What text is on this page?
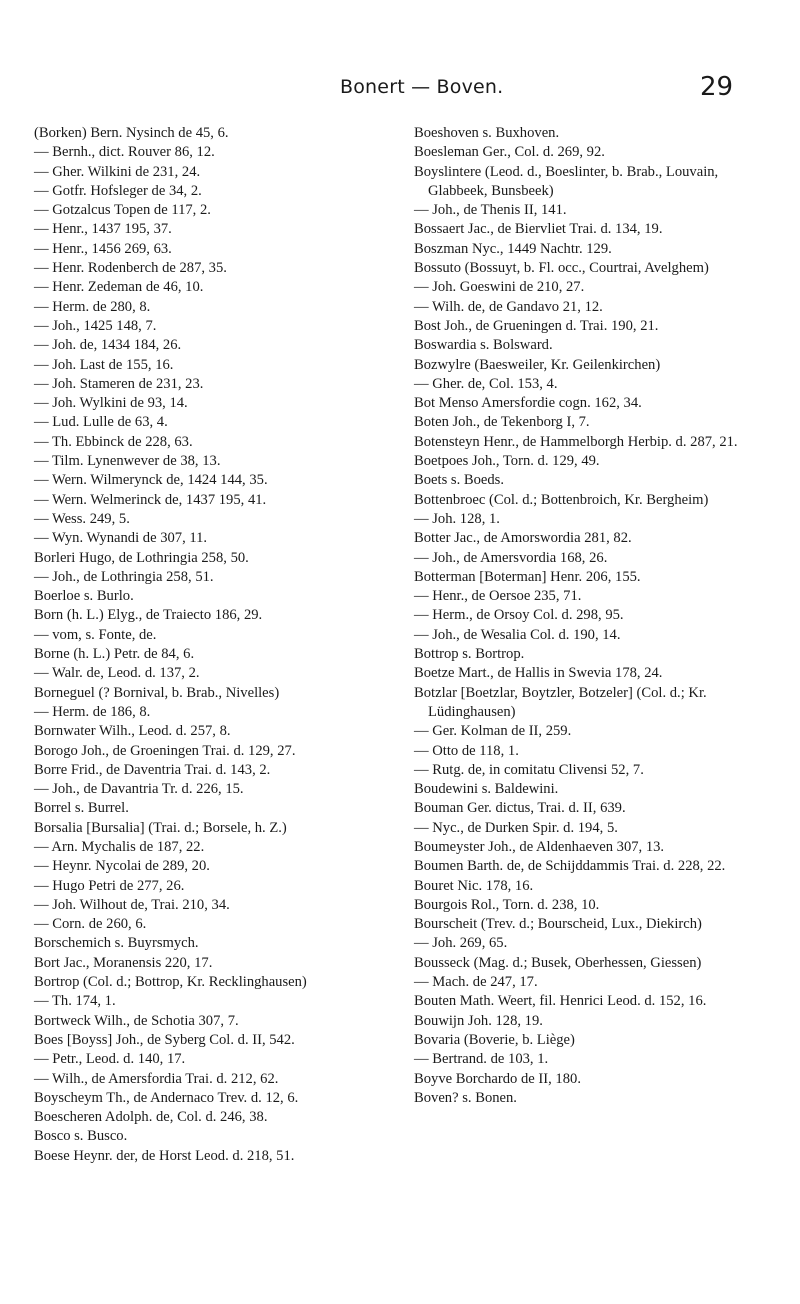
Bonert — Boven.	29

(Borken) Bern. Nysinch de 45, 6.

— Bernh., dict. Rouver 86, 12.

— Gher. Wilkini de 231, 24.

— Gotfr. Hofsleger de 34, 2.

— Gotzalcus Topen de 117, 2.

— Henr., 1437 195, 37.

— Henr., 1456 269, 63.

— Henr. Rodenberch de 287, 35.

— Henr. Zedeman de 46, 10.

— Herm. de 280, 8.

— Joh., 1425 148, 7.

— Joh. de, 1434 184, 26.

— Joh. Last de 155, 16.

— Joh. Stameren de 231, 23.

— Joh. Wylkini de 93, 14.

— Lud. Lulle de 63, 4.

— Th. Ebbinck de 228, 63.

— Tilm. Lynenwever de 38, 13.

— Wern. Wilmerynck de, 1424 144, 35.

— Wern. Welmerinck de, 1437 195, 41.

— Wess. 249, 5.

— Wyn. Wynandi de 307, 11.

Borleri Hugo, de Lothringia 258, 50.

— Joh., de Lothringia 258, 51.

Boerloe s. Burlo.

Born (h. L.) Elyg., de Traiecto 186, 29.

— vom, s. Fonte, de.

Borne (h. L.) Petr. de 84, 6.

— Walr. de, Leod. d. 137, 2.

Borneguel (? Bornival, b. Brab., Nivelles)

— Herm. de 186, 8.

Bornwater Wilh., Leod. d. 257, 8.

Borogo Joh., de Groeningen Trai. d. 129, 27.

Borre Frid., de Daventria Trai. d. 143, 2.

— Joh., de Davantria Tr. d. 226, 15.

Borrel s. Burrel.

Borsalia [Bursalia] (Trai. d.; Borsele, h. Z.)

— Arn. Mychalis de 187, 22.

— Heynr. Nycolai de 289, 20.

— Hugo Petri de 277, 26.

— Joh. Wilhout de, Trai. 210, 34.

— Corn. de 260, 6.

Borschemich s. Buyrsmych.

Bort Jac., Moranensis 220, 17.

Bortrop (Col. d.; Bottrop, Kr. Recklinghausen)

— Th. 174, 1.

Bortweck Wilh., de Schotia 307, 7.

Boes [Boyss] Joh., de Syberg Col. d. II, 542.

— Petr., Leod. d. 140, 17.

— Wilh., de Amersfordia Trai. d. 212, 62.

Boyscheym Th., de Andernaco Trev. d. 12, 6.

Boescheren Adolph. de, Col. d. 246, 38.

Bosco s. Busco.

Boese Heynr. der, de Horst Leod. d. 218, 51.

Boeshoven s. Buxhoven.

Boesleman Ger., Col. d. 269, 92.

Boyslintere (Leod. d., Boeslinter, b. Brab., Louvain, Glabbeek, Bunsbeek)

— Joh., de Thenis II, 141.

Bossaert Jac., de Biervliet Trai. d. 134, 19.

Boszman Nyc., 1449 Nachtr. 129.

Bossuto (Bossuyt, b. Fl. occ., Courtrai, Avelghem)

— Joh. Goeswini de 210, 27.

— Wilh. de, de Gandavo 21, 12.

Bost Joh., de Grueningen d. Trai. 190, 21.

Boswardia s. Bolsward.

Bozwylre (Baesweiler, Kr. Geilenkirchen)

— Gher. de, Col. 153, 4.

Bot Menso Amersfordie cogn. 162, 34.

Boten Joh., de Tekenborg I, 7.

Botensteyn Henr., de Hammelborgh Herbip. d. 287, 21.

Boetpoes Joh., Torn. d. 129, 49.

Boets s. Boeds.

Bottenbroec (Col. d.; Bottenbroich, Kr. Bergheim)

— Joh. 128, 1.

Botter Jac., de Amorswordia 281, 82.

— Joh., de Amersvordia 168, 26.

Botterman [Boterman] Henr. 206, 155.

— Henr., de Oersoe 235, 71.

— Herm., de Orsoy Col. d. 298, 95.

— Joh., de Wesalia Col. d. 190, 14.

Bottrop s. Bortrop.

Boetze Mart., de Hallis in Swevia 178, 24.

Botzlar [Boetzlar, Boytzler, Botzeler] (Col. d.; Kr. Lüdinghausen)

— Ger. Kolman de II, 259.

— Otto de 118, 1.

— Rutg. de, in comitatu Clivensi 52, 7.

Boudewini s. Baldewini.

Bouman Ger. dictus, Trai. d. II, 639.

— Nyc., de Durken Spir. d. 194, 5.

Boumeyster Joh., de Aldenhaeven 307, 13.

Boumen Barth. de, de Schijddammis Trai. d. 228, 22.

Bouret Nic. 178, 16.

Bourgois Rol., Torn. d. 238, 10.

Bourscheit (Trev. d.; Bourscheid, Lux., Diekirch)

— Joh. 269, 65.

Bousseck (Mag. d.; Busek, Oberhessen, Giessen)

— Mach. de 247, 17.

Bouten Math. Weert, fil. Henrici Leod. d. 152, 16.

Bouwijn Joh. 128, 19.

Bovaria (Boverie, b. Liège)

— Bertrand. de 103, 1.

Boyve Borchardo de II, 180.

Boven? s. Bonen.
